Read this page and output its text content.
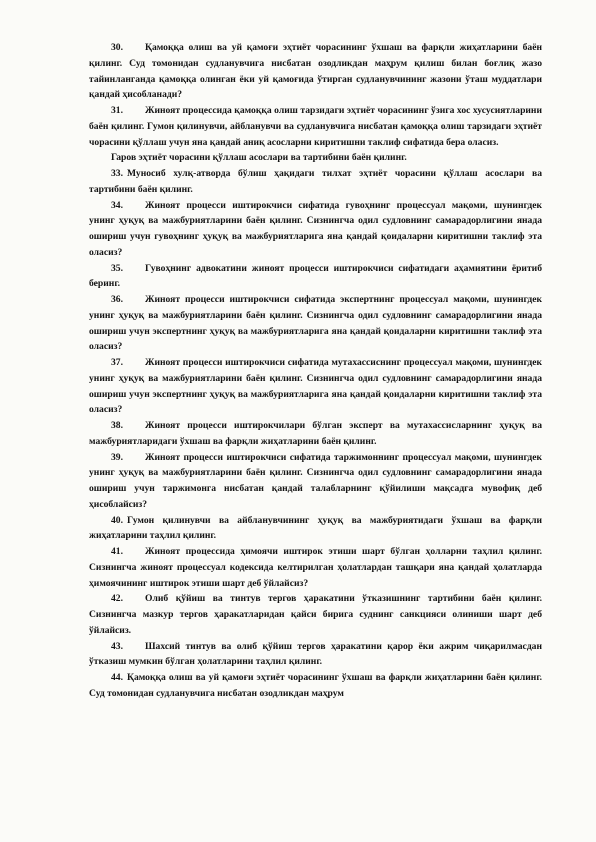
30. Қамоққа олиш ва уй қамоғи эҳтиёт чорасининг ўхшаш ва фарқли жиҳатларини баён қилинг. Суд томонидан судланувчига нисбатан озодликдан маҳрум қилиш билан боғлиқ жазо тайинланганда қамоққа олинган ёки уй қамоғида ўтирган судланувчининг жазони ўташ муддатлари қандай ҳисобланади?

31. Жиноят процессида қамоққа олиш тарзидаги эҳтиёт чорасининг ўзига хос хусусиятларини баён қилинг. Гумон қилинувчи, айбланувчи ва судланувчига нисбатан қамоққа олиш тарзидаги эҳтиёт чорасини қўллаш учун яна қандай аниқ асосларни киритишни таклиф сифатида бера оласиз.

Гаров эҳтиёт чорасини қўллаш асослари ва тартибини баён қилинг.

33. Муносиб хулқ-атворда бўлиш ҳақидаги тилхат эҳтиёт чорасини қўллаш асослари ва тартибини баён қилинг.

34. Жиноят процесси иштирокчиси сифатида гувоҳнинг процессуал мақоми, шунингдек унинг ҳуқуқ ва мажбуриятларини баён қилинг. Сизнингча одил судловнинг самарадорлигини янада ошириш учун гувоҳнинг ҳуқуқ ва мажбуриятларига яна қандай қоидаларни киритишни таклиф эта оласиз?

35. Гувоҳнинг адвокатини жиноят процесси иштирокчиси сифатидаги аҳамиятини ёритиб беринг.

36. Жиноят процесси иштирокчиси сифатида экспертнинг процессуал мақоми, шунингдек унинг ҳуқуқ ва мажбуриятларини баён қилинг. Сизнингча одил судловнинг самарадорлигини янада ошириш учун экспертнинг ҳуқуқ ва мажбуриятларига яна қандай қоидаларни киритишни таклиф эта оласиз?

37. Жиноят процесси иштирокчиси сифатида мутахассиснинг процессуал мақоми, шунингдек унинг ҳуқуқ ва мажбуриятларини баён қилинг. Сизнингча одил судловнинг самарадорлигини янада ошириш учун экспертнинг ҳуқуқ ва мажбуриятларига яна қандай қоидаларни киритишни таклиф эта оласиз?

38. Жиноят процесси иштирокчилари бўлган эксперт ва мутахассисларнинг ҳуқуқ ва мажбуриятларидаги ўхшаш ва фарқли жиҳатларини баён қилинг.

39. Жиноят процесси иштирокчиси сифатида таржимоннинг процессуал мақоми, шунингдек унинг ҳуқуқ ва мажбуриятларини баён қилинг. Сизнингча одил судловнинг самарадорлигини янада ошириш учун таржимонга нисбатан қандай талабларнинг қўйилиши мақсадга мувофиқ деб ҳисоблайсиз?

40. Гумон қилинувчи ва айбланувчининг ҳуқуқ ва мажбуриятидаги ўхшаш ва фарқли жиҳатларини таҳлил қилинг.

41. Жиноят процессида ҳимоячи иштирок этиши шарт бўлган ҳолларни таҳлил қилинг. Сизнингча жиноят процессуал кодексида келтирилган ҳолатлардан ташқари яна қандай ҳолатларда ҳимоячининг иштирок этиши шарт деб ўйлайсиз?

42. Олиб қўйиш ва тинтув тергов ҳаракатини ўтказишнинг тартибини баён қилинг. Сизнингча мазкур тергов ҳаракатларидан қайси бирига суднинг санкцияси олиниши шарт деб ўйлайсиз.

43. Шахсий тинтув ва олиб қўйиш тергов ҳаракатини қарор ёки ажрим чиқарилмасдан ўтказиш мумкин бўлган ҳолатларини таҳлил қилинг.

44. Қамоққа олиш ва уй қамоғи эҳтиёт чорасининг ўхшаш ва фарқли жиҳатларини баён қилинг. Суд томонидан судланувчига нисбатан озодликдан маҳрум
